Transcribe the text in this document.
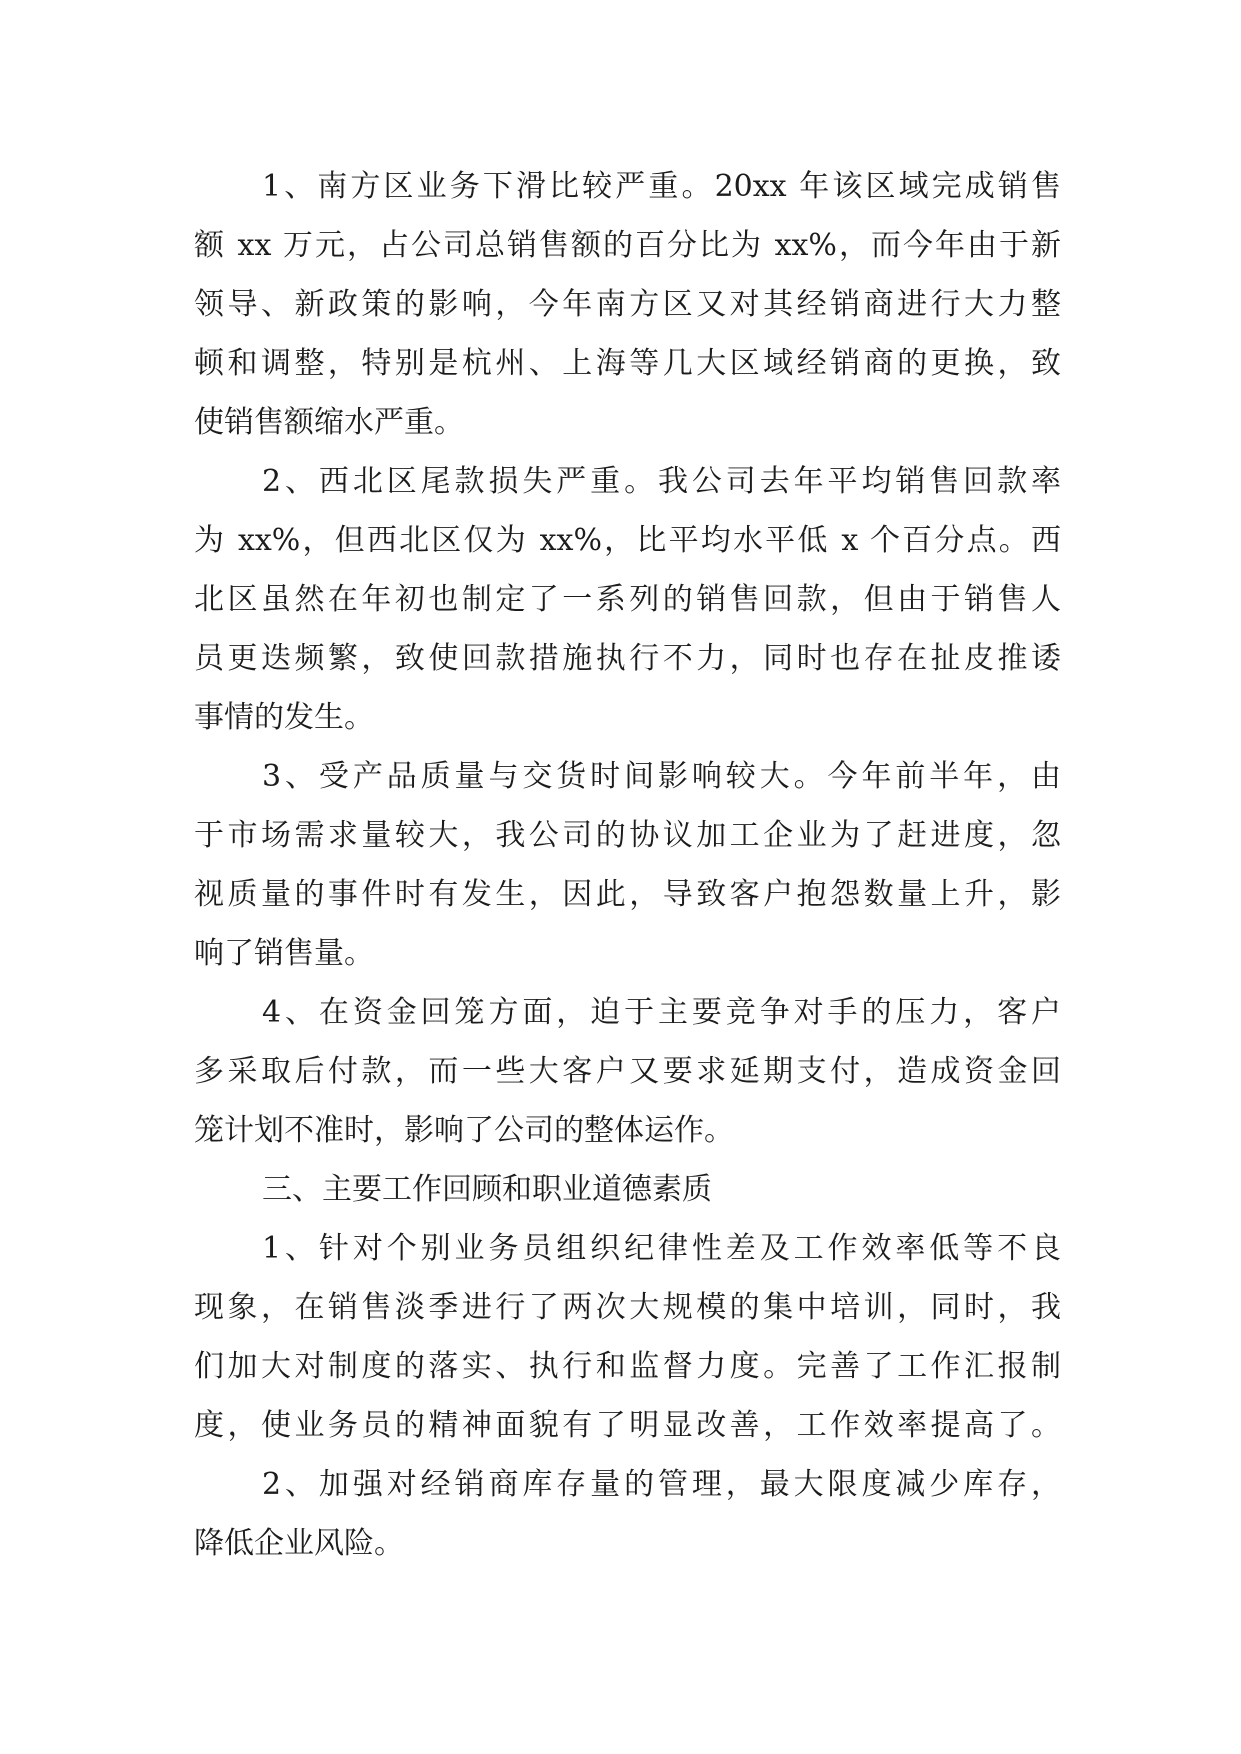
1、南方区业务下滑比较严重。20xx 年该区域完成销售
额 xx 万元，占公司总销售额的百分比为 xx%，而今年由于新
领导、新政策的影响，今年南方区又对其经销商进行大力整
顿和调整，特别是杭州、上海等几大区域经销商的更换，致
使销售额缩水严重。
2、西北区尾款损失严重。我公司去年平均销售回款率
为 xx%，但西北区仅为 xx%，比平均水平低 x 个百分点。西
北区虽然在年初也制定了一系列的销售回款，但由于销售人
员更迭频繁，致使回款措施执行不力，同时也存在扯皮推诿
事情的发生。
3、受产品质量与交货时间影响较大。今年前半年，由
于市场需求量较大，我公司的协议加工企业为了赶进度，忽
视质量的事件时有发生，因此，导致客户抱怨数量上升，影
响了销售量。
4、在资金回笼方面，迫于主要竞争对手的压力，客户
多采取后付款，而一些大客户又要求延期支付，造成资金回
笼计划不准时，影响了公司的整体运作。
三、主要工作回顾和职业道德素质
1、针对个别业务员组织纪律性差及工作效率低等不良
现象，在销售淡季进行了两次大规模的集中培训，同时，我
们加大对制度的落实、执行和监督力度。完善了工作汇报制
度，使业务员的精神面貌有了明显改善，工作效率提高了。
2、加强对经销商库存量的管理，最大限度减少库存，
降低企业风险。
